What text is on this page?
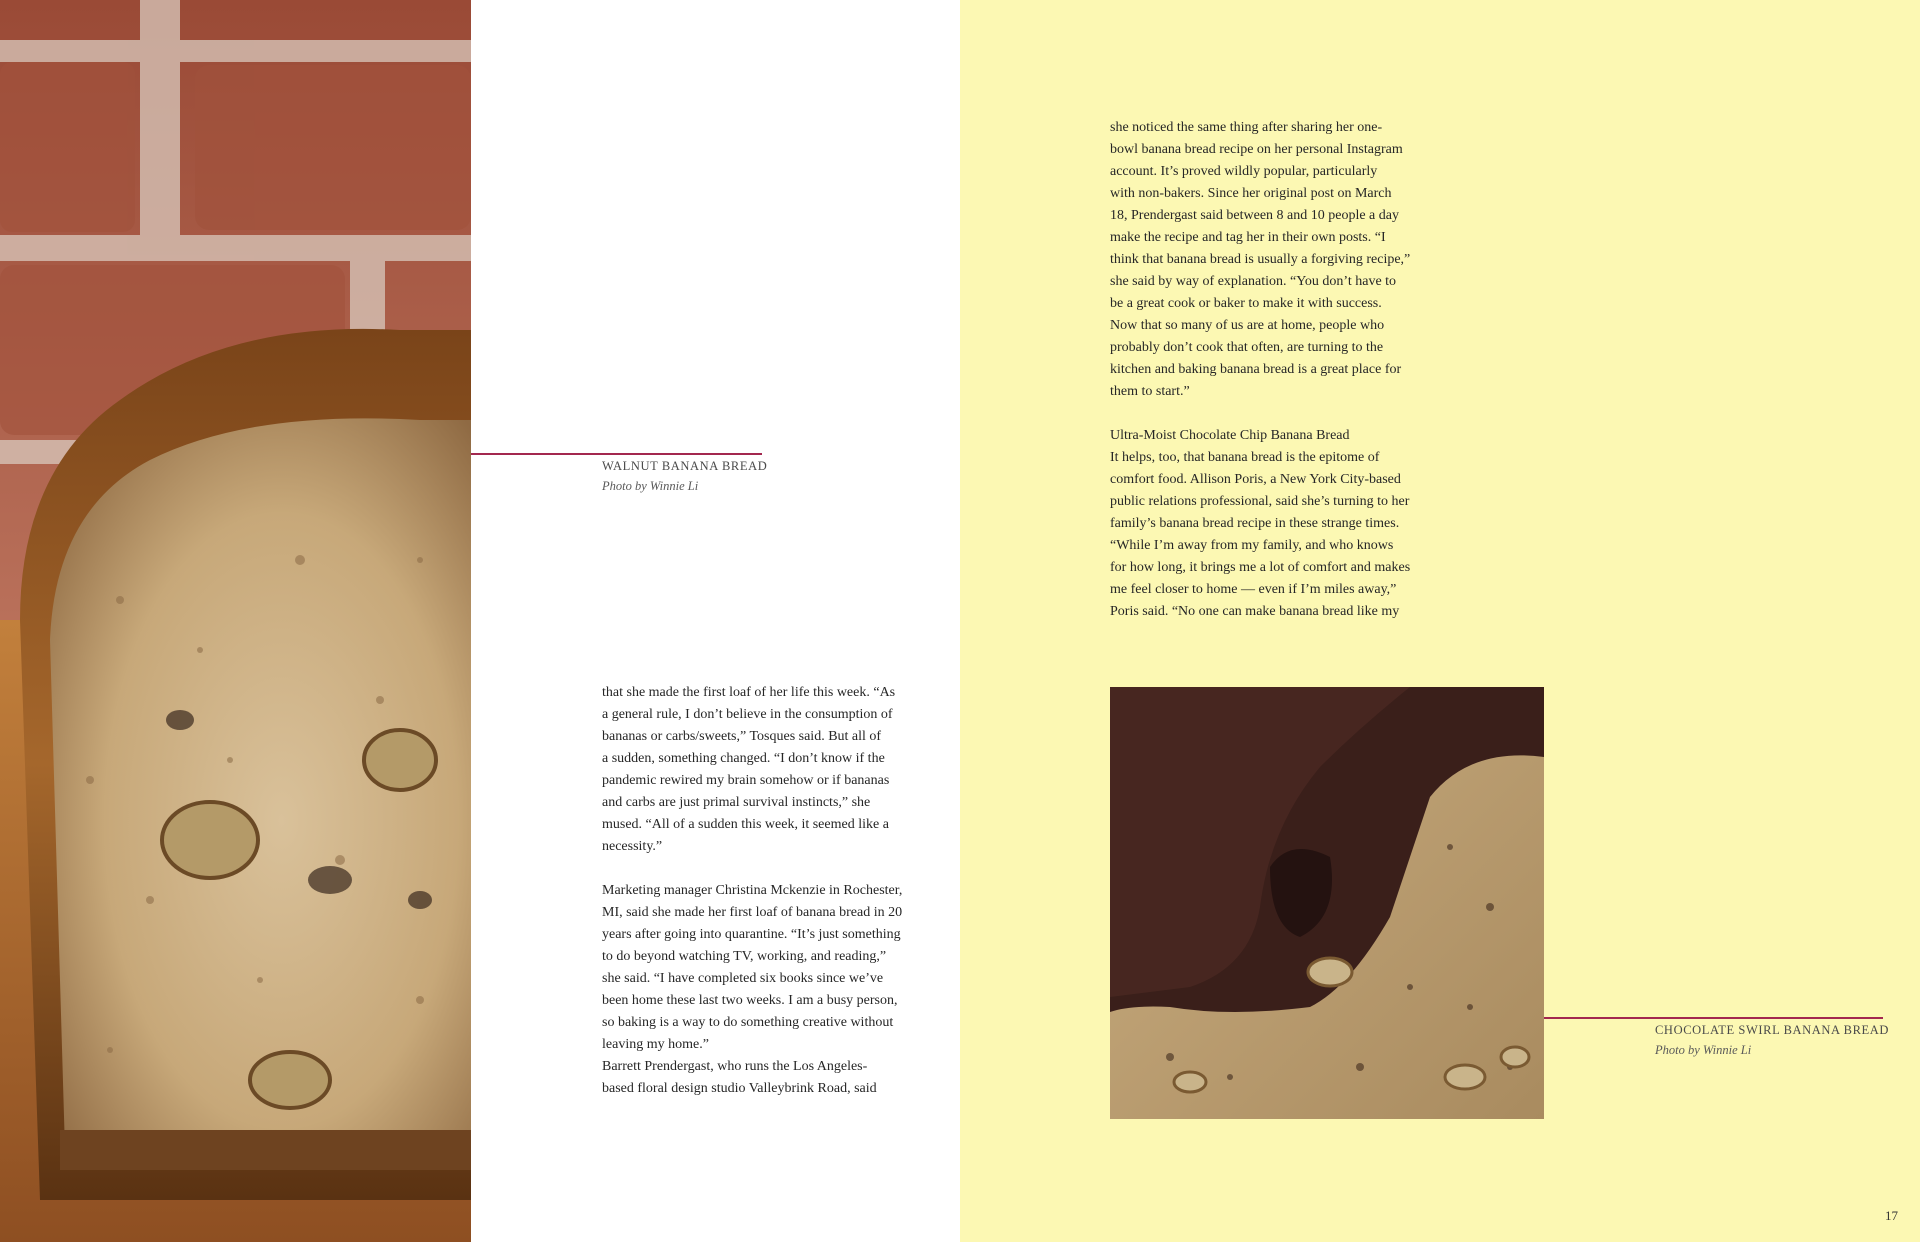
WALNUT BANANA BREAD
Photo by Winnie Li
that she made the first loaf of her life this week. “As
a general rule, I don’t believe in the consumption of
bananas or carbs/sweets,” Tosques said. But all of
a sudden, something changed. “I don’t know if the
pandemic rewired my brain somehow or if bananas
and carbs are just primal survival instincts,” she
mused. “All of a sudden this week, it seemed like a
necessity.”

Marketing manager Christina Mckenzie in Rochester,
MI, said she made her first loaf of banana bread in 20
years after going into quarantine. “It’s just something
to do beyond watching TV, working, and reading,”
she said. “I have completed six books since we’ve
been home these last two weeks. I am a busy person,
so baking is a way to do something creative without
leaving my home.”
Barrett Prendergast, who runs the Los Angeles-
based floral design studio Valleybrink Road, said
she noticed the same thing after sharing her one-
bowl banana bread recipe on her personal Instagram
account. It’s proved wildly popular, particularly
with non-bakers. Since her original post on March
18, Prendergast said between 8 and 10 people a day
make the recipe and tag her in their own posts. “I
think that banana bread is usually a forgiving recipe,”
she said by way of explanation. “You don’t have to
be a great cook or baker to make it with success.
Now that so many of us are at home, people who
probably don’t cook that often, are turning to the
kitchen and baking banana bread is a great place for
them to start.”

Ultra-Moist Chocolate Chip Banana Bread
It helps, too, that banana bread is the epitome of
comfort food. Allison Poris, a New York City-based
public relations professional, said she’s turning to her
family’s banana bread recipe in these strange times.
“While I’m away from my family, and who knows
for how long, it brings me a lot of comfort and makes
me feel closer to home — even if I’m miles away,”
Poris said. “No one can make banana bread like my
CHOCOLATE SWIRL BANANA BREAD
Photo by Winnie Li
17
